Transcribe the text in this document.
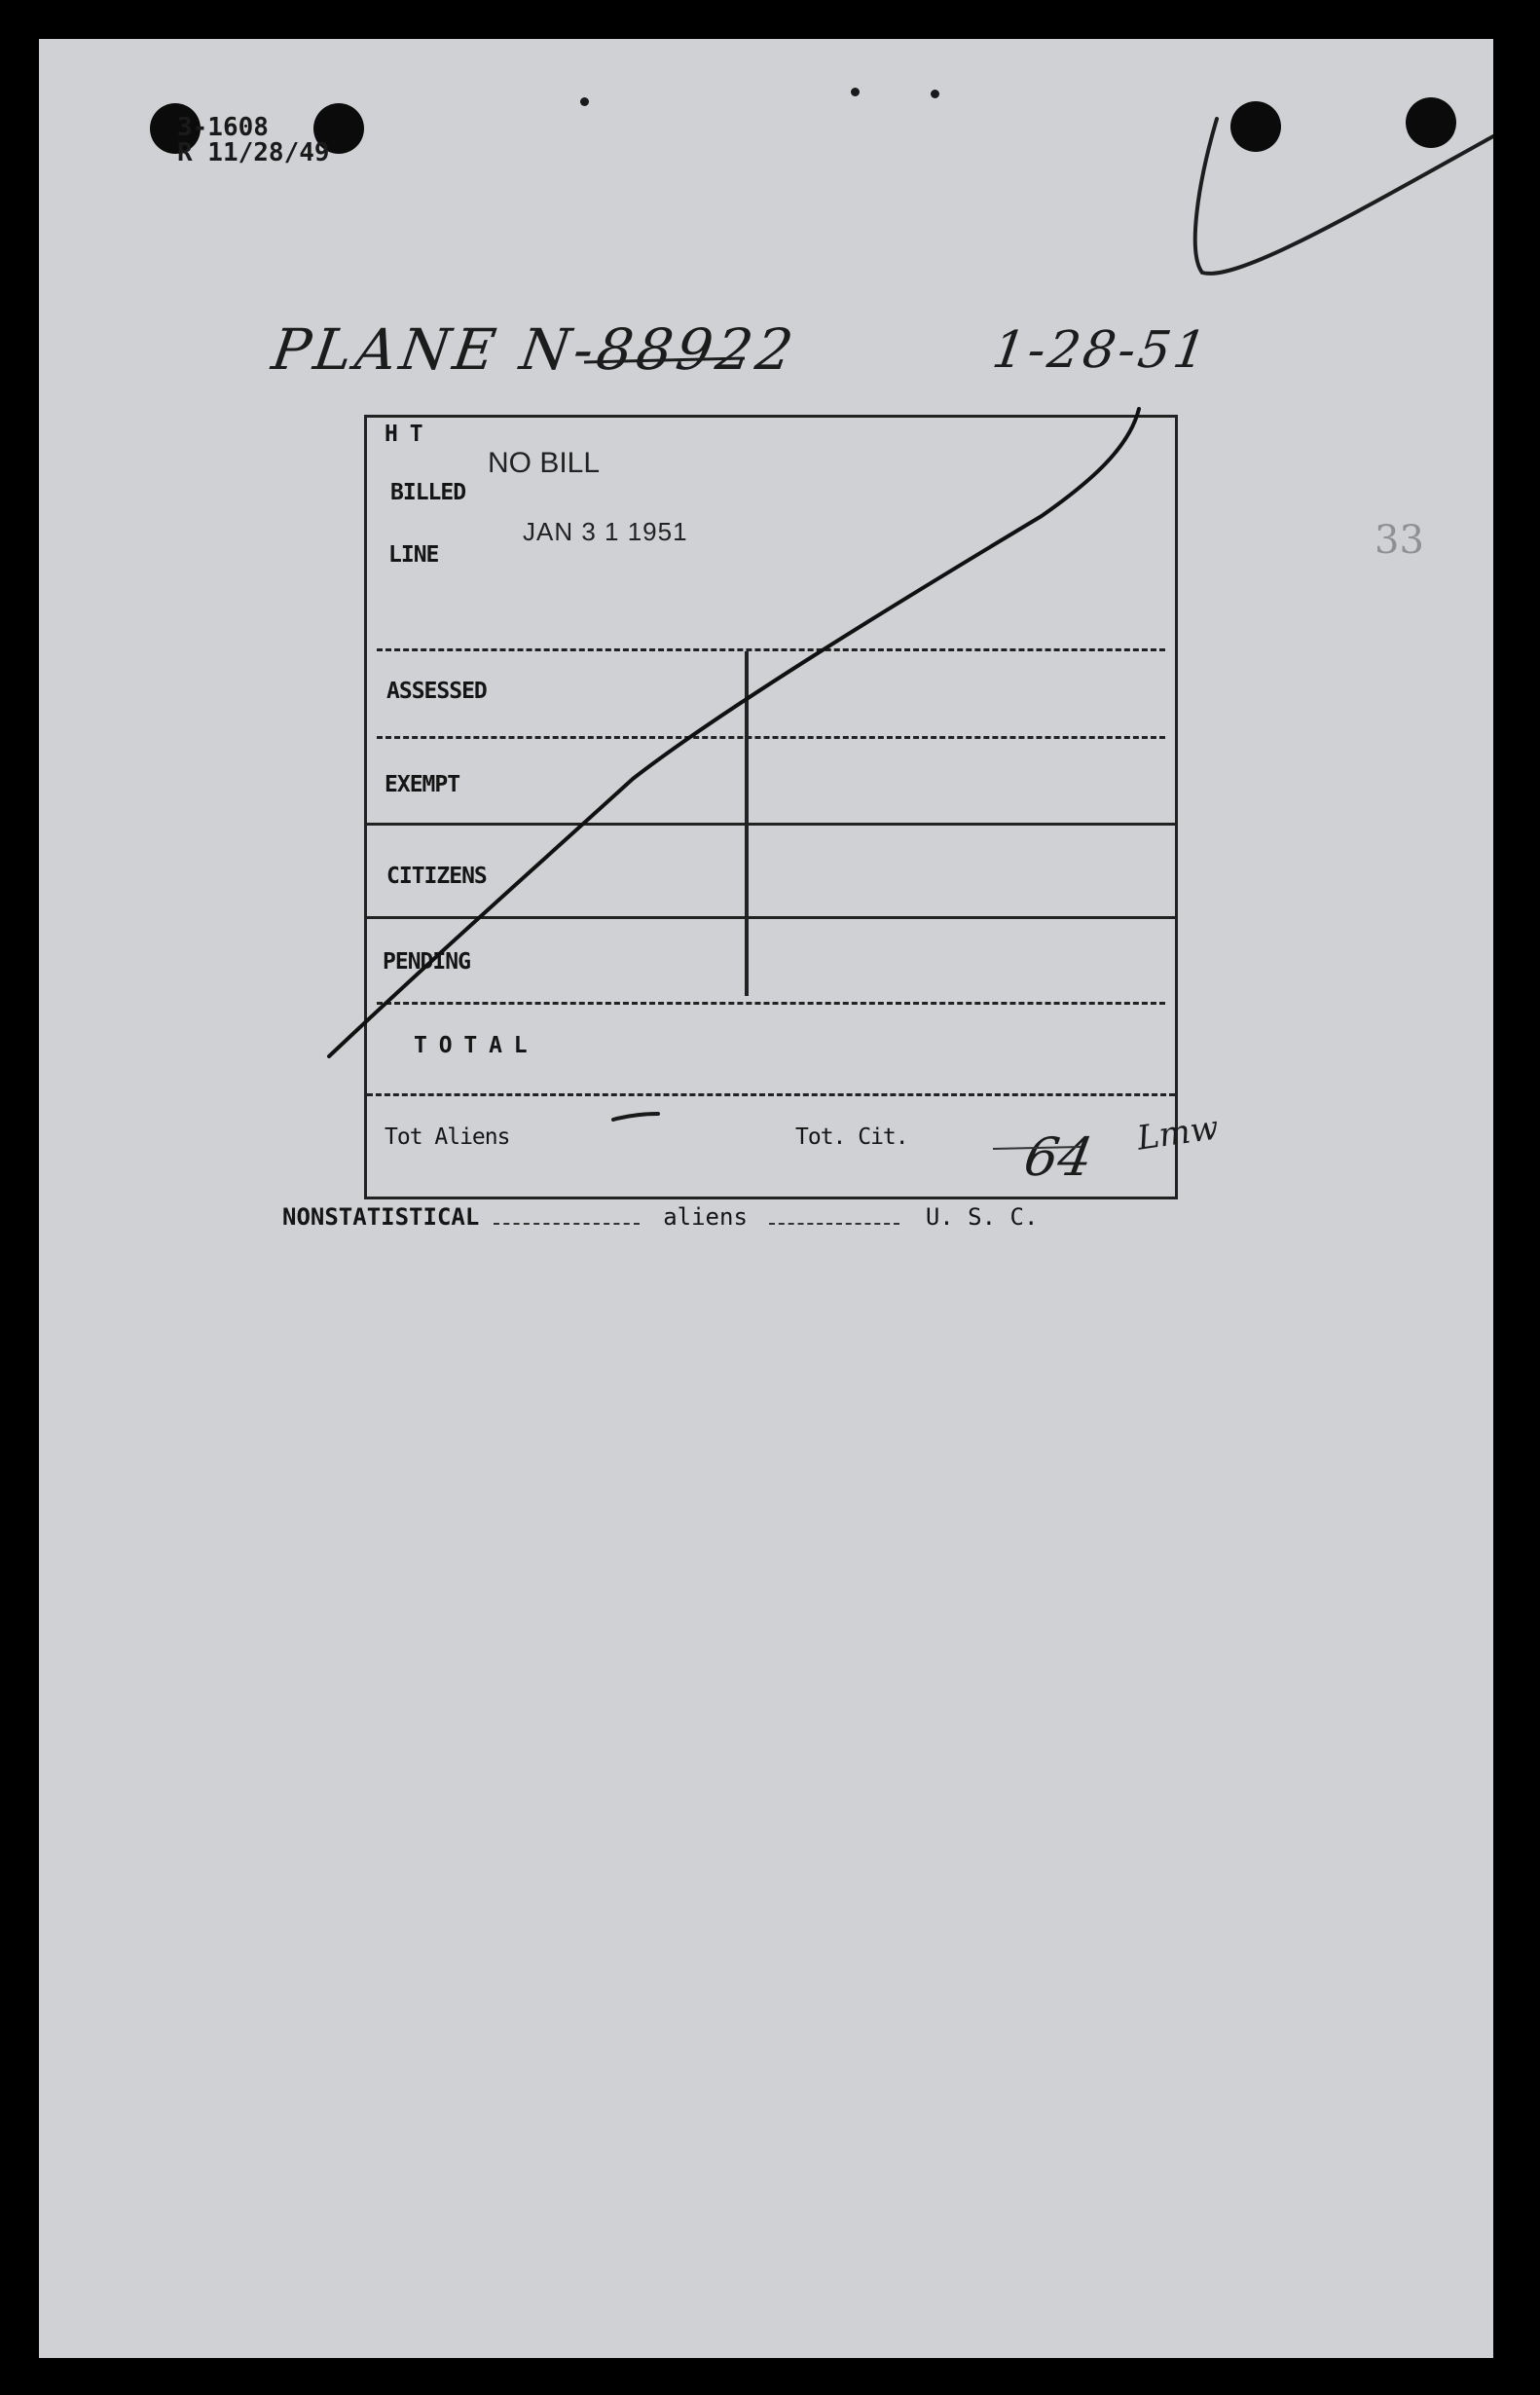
3-1608
R 11/28/49
PLANE N-88922	1-28-51
33
H T
BILLED
LINE
NO BILL
JAN 3 1 1951
ASSESSED
EXEMPT
CITIZENS
PENDING
T O T A L
Tot Aliens	Tot. Cit. 64 Lmw
NONSTATISTICAL	aliens	U. S. C.
